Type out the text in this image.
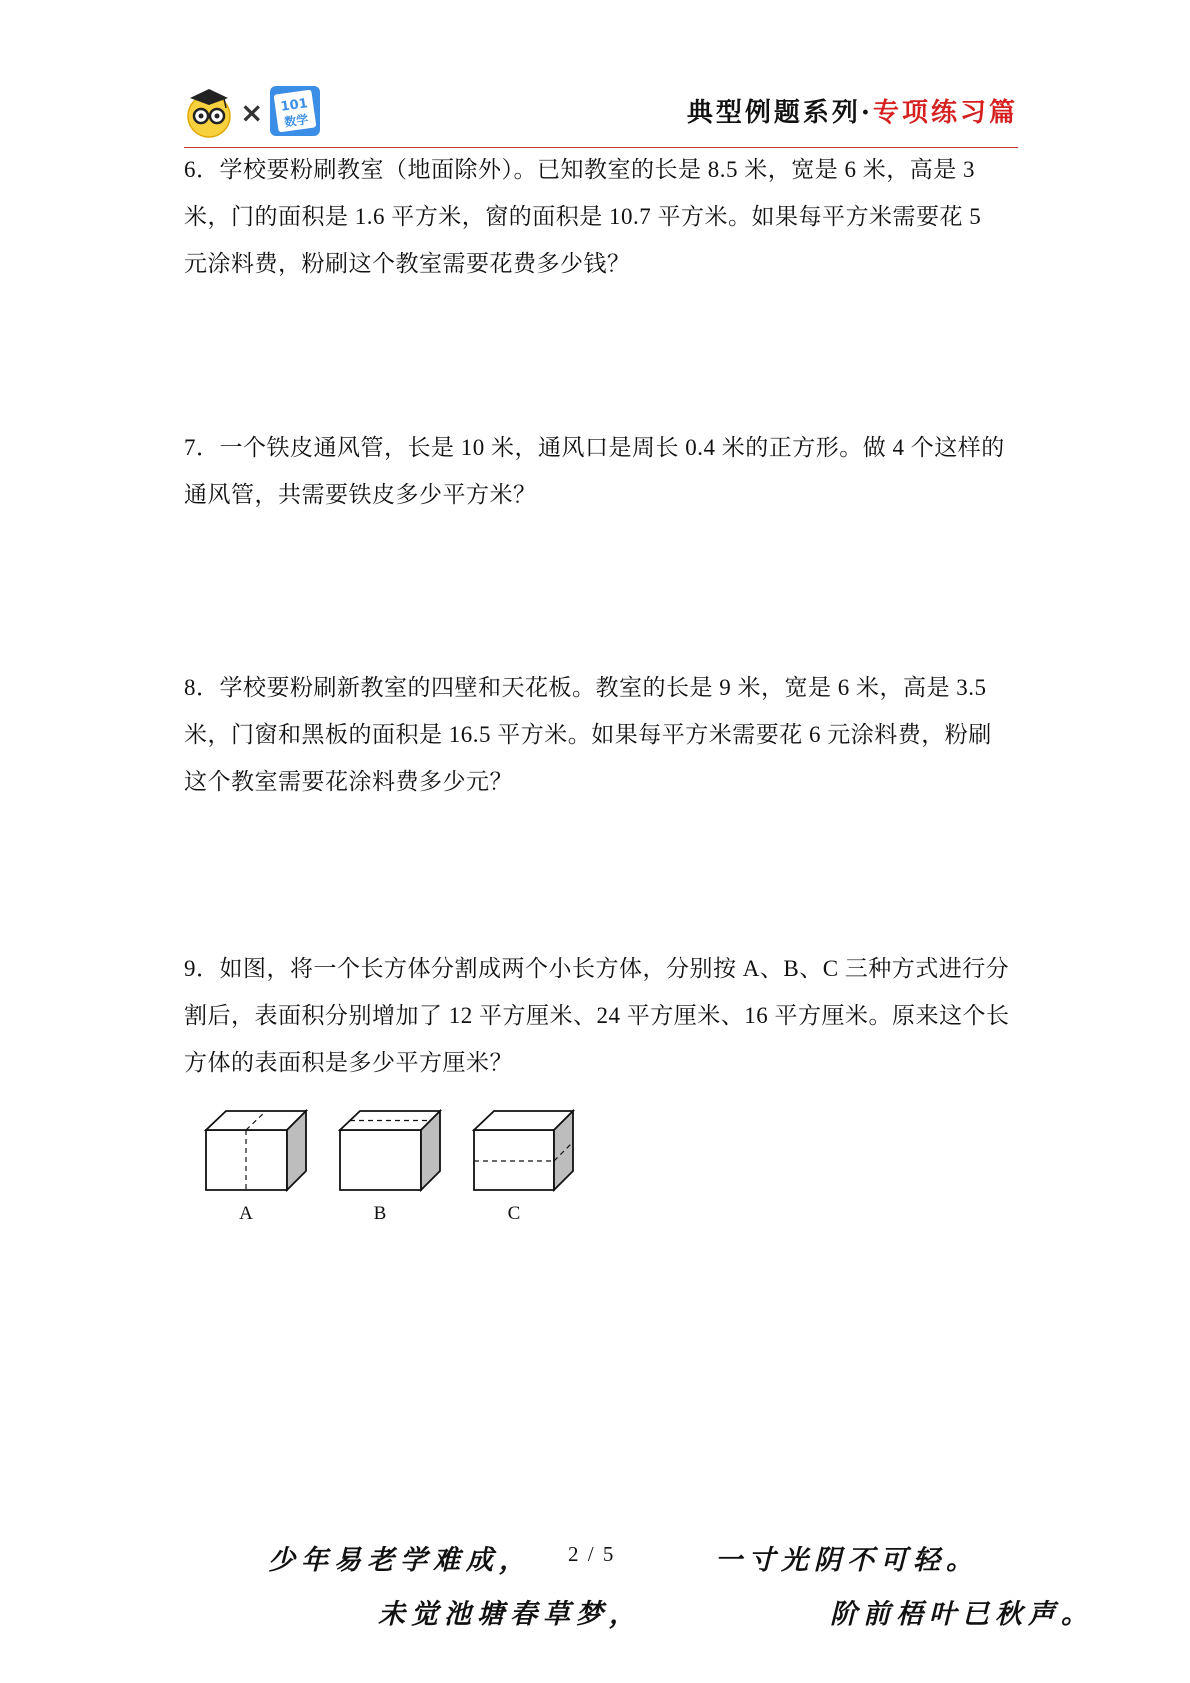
× 101
数学	典型例题系列·专项练习篇

6．学校要粉刷教室（地面除外）。已知教室的长是 8.5 米，宽是 6 米，高是 3

米，门的面积是 1.6 平方米，窗的面积是 10.7 平方米。如果每平方米需要花 5

元涂料费，粉刷这个教室需要花费多少钱？

7．一个铁皮通风管，长是 10 米，通风口是周长 0.4 米的正方形。做 4 个这样的

通风管，共需要铁皮多少平方米？

8．学校要粉刷新教室的四壁和天花板。教室的长是 9 米，宽是 6 米，高是 3.5

米，门窗和黑板的面积是 16.5 平方米。如果每平方米需要花 6 元涂料费，粉刷

这个教室需要花涂料费多少元？

9．如图，将一个长方体分割成两个小长方体，分别按 A、B、C 三种方式进行分

割后，表面积分别增加了 12 平方厘米、24 平方厘米、16 平方厘米。原来这个长

方体的表面积是多少平方厘米？

A	B	C
少年易老学难成， 2 / 5	一寸光阴不可轻。
未觉池塘春草梦，	阶前梧叶已秋声。
